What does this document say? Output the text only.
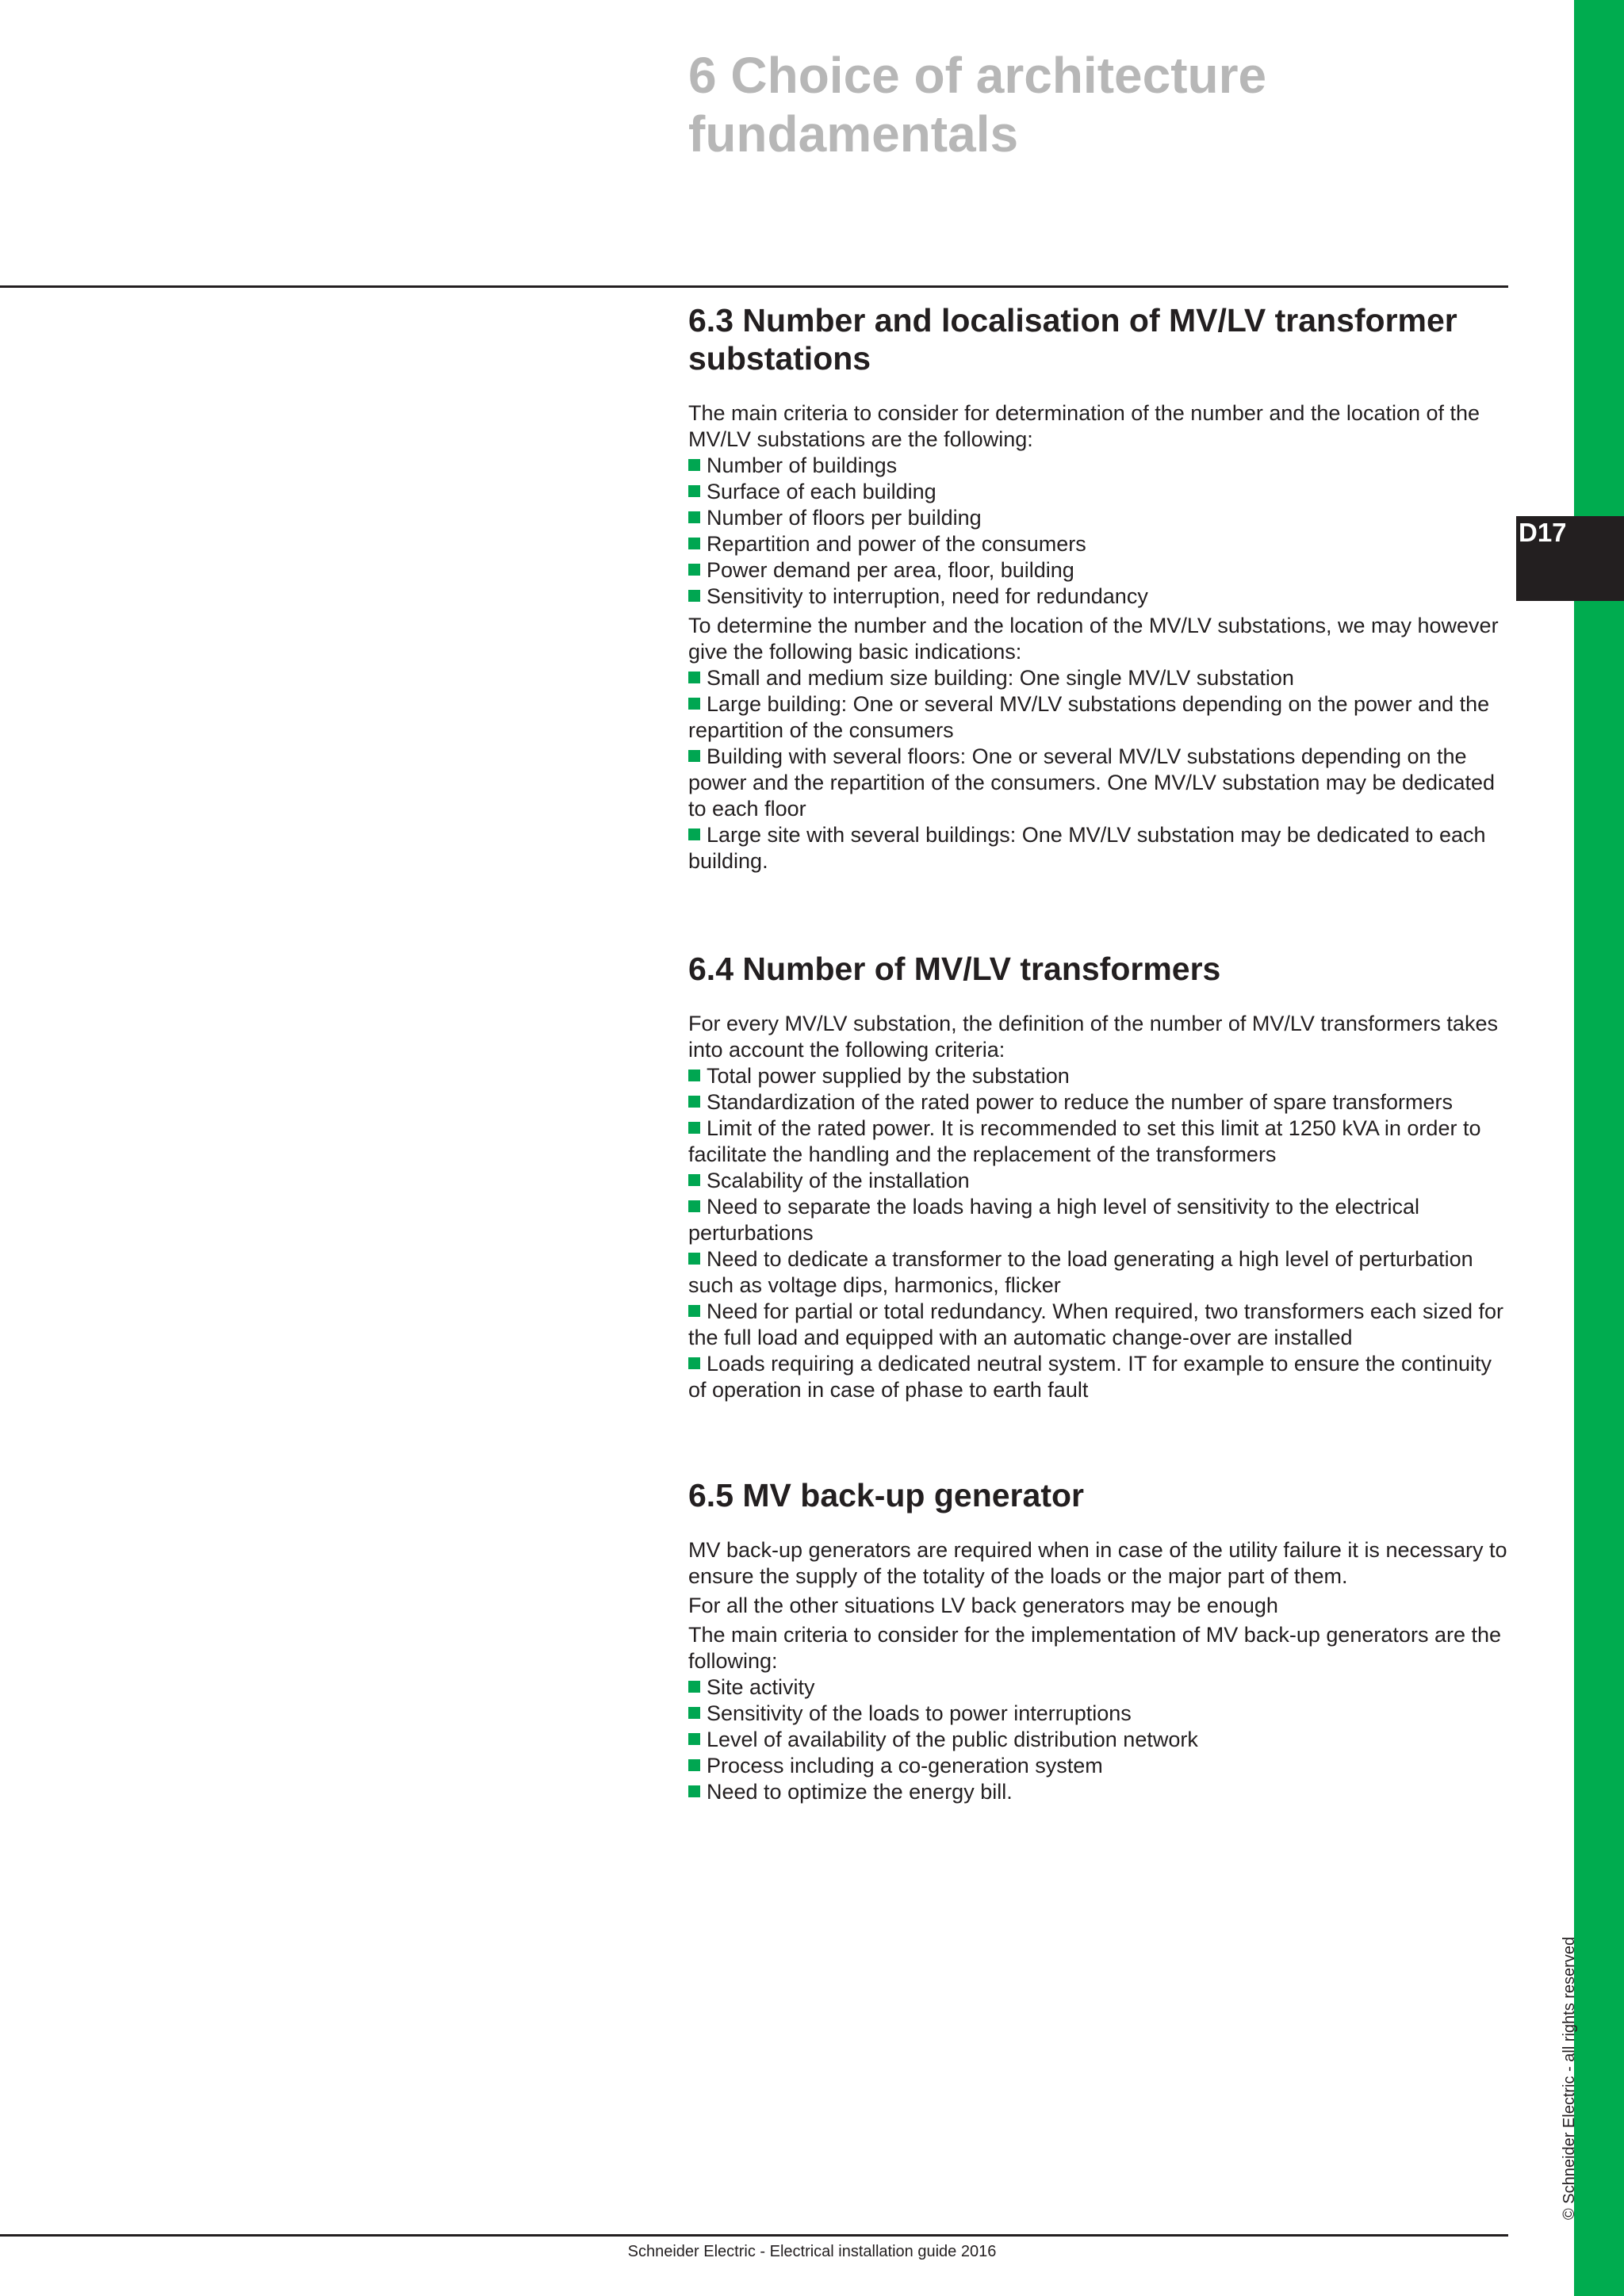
D17
6 Choice of architecture fundamentals
6.3 Number and localisation of MV/LV transformer substations

The main criteria to consider for determination of the number and the location of the MV/LV substations are the following:

Number of buildings
Surface of each building
Number of floors per building
Repartition and power of the consumers
Power demand per area, floor, building
Sensitivity to interruption, need for redundancy

To determine the number and the location of the MV/LV substations, we may however give the following basic indications:

Small and medium size building: One single MV/LV substation
Large building: One or several MV/LV substations depending on the power and the repartition of the consumers
Building with several floors: One or several MV/LV substations depending on the power and the repartition of the consumers. One MV/LV substation may be dedicated to each floor
Large site with several buildings: One MV/LV substation may be dedicated to each building.
6.4 Number of MV/LV transformers

For every MV/LV substation, the definition of the number of MV/LV transformers takes into account the following criteria:

Total power supplied by the substation
Standardization of the rated power to reduce the number of spare transformers
Limit of the rated power. It is recommended to set this limit at 1250 kVA in order to facilitate the handling and the replacement of the transformers
Scalability of the installation
Need to separate the loads having a high level of sensitivity to the electrical perturbations
Need to dedicate a transformer to the load generating a high level of perturbation such as voltage dips, harmonics, flicker
Need for partial or total redundancy. When required, two transformers each sized for the full load and equipped with an automatic change-over are installed
Loads requiring a dedicated neutral system. IT for example to ensure the continuity of operation in case of phase to earth fault
6.5 MV back-up generator

MV back-up generators are required when in case of the utility failure it is necessary to ensure the supply of the totality of the loads or the major part of them.

For all the other situations LV back generators may be enough

The main criteria to consider for the implementation of MV back-up generators are the following:

Site activity
Sensitivity of the loads to power interruptions
Level of availability of the public distribution network
Process including a co-generation system
Need to optimize the energy bill.
© Schneider Electric - all rights reserved
Schneider Electric - Electrical installation guide 2016
